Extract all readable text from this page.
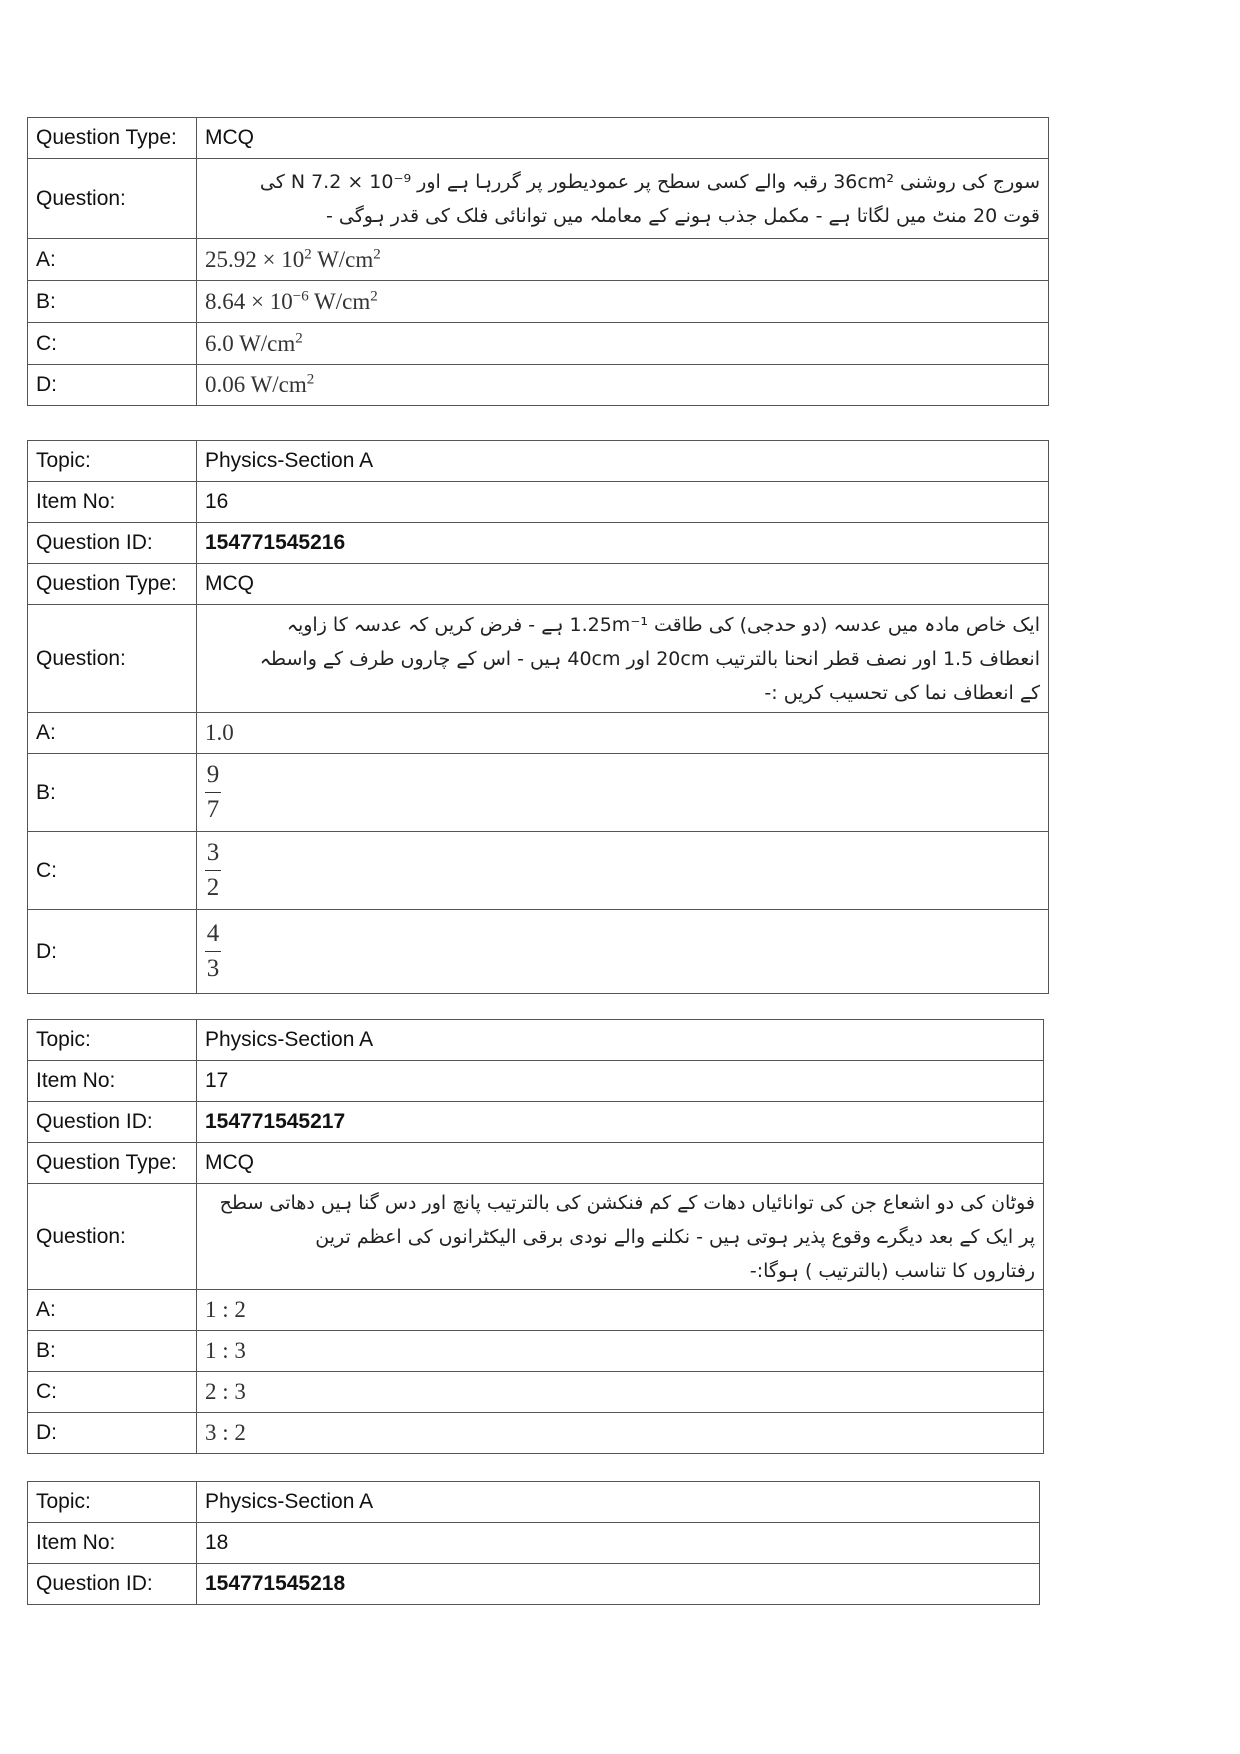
Question Type:	MCQ
Question:	سورج کی روشنی 36cm² رقبہ والے کسی سطح پر عمودیطور پر گررہا ہے اور N 7.2 × 10⁻⁹ کی
قوت 20 منٹ میں لگاتا ہے - مکمل جذب ہونے کے معاملہ میں توانائی فلک کی قدر ہوگی -

A:	$25.92 \times 10^2$ $W/cm^2$
B:	$8.64 \times 10^{-6}$ $W/cm^2$
C:	6.0 $W/cm^2$
D:	0.06 $W/cm^2$
Topic:	Physics-Section A
Item No:	16
Question ID:	154771545216
Question Type:	MCQ
Question:	ایک خاص مادہ میں عدسہ (دو حدجی) کی طاقت 1.25m⁻¹ ہے - فرض کریں کہ عدسہ کا زاویہ
انعطاف 1.5 اور نصف قطر انحنا بالترتیب 20cm اور 40cm ہیں - اس کے چاروں طرف کے واسطہ
کے انعطاف نما کی تحسیب کریں :-

A:	1.0
B:	$\frac{9}{7}$

C:	$\frac{3}{2}$

D:	$\frac{4}{3}$
Topic:	Physics-Section A
Item No:	17
Question ID:	154771545217
Question Type:	MCQ
Question:	فوٹان کی دو اشعاع جن کی توانائیاں دھات کے کم فنکشن کی بالترتیب پانچ اور دس گنا ہیں دھاتی سطح
پر ایک کے بعد دیگرے وقوع پذیر ہوتی ہیں - نکلنے والے نودی برقی الیکٹرانوں کی اعظم ترین
رفتاروں کا تناسب (بالترتیب ) ہوگا:-

A:	1 : 2
B:	1 : 3
C:	2 : 3
D:	3 : 2
Topic:	Physics-Section A
Item No:	18
Question ID:	154771545218
